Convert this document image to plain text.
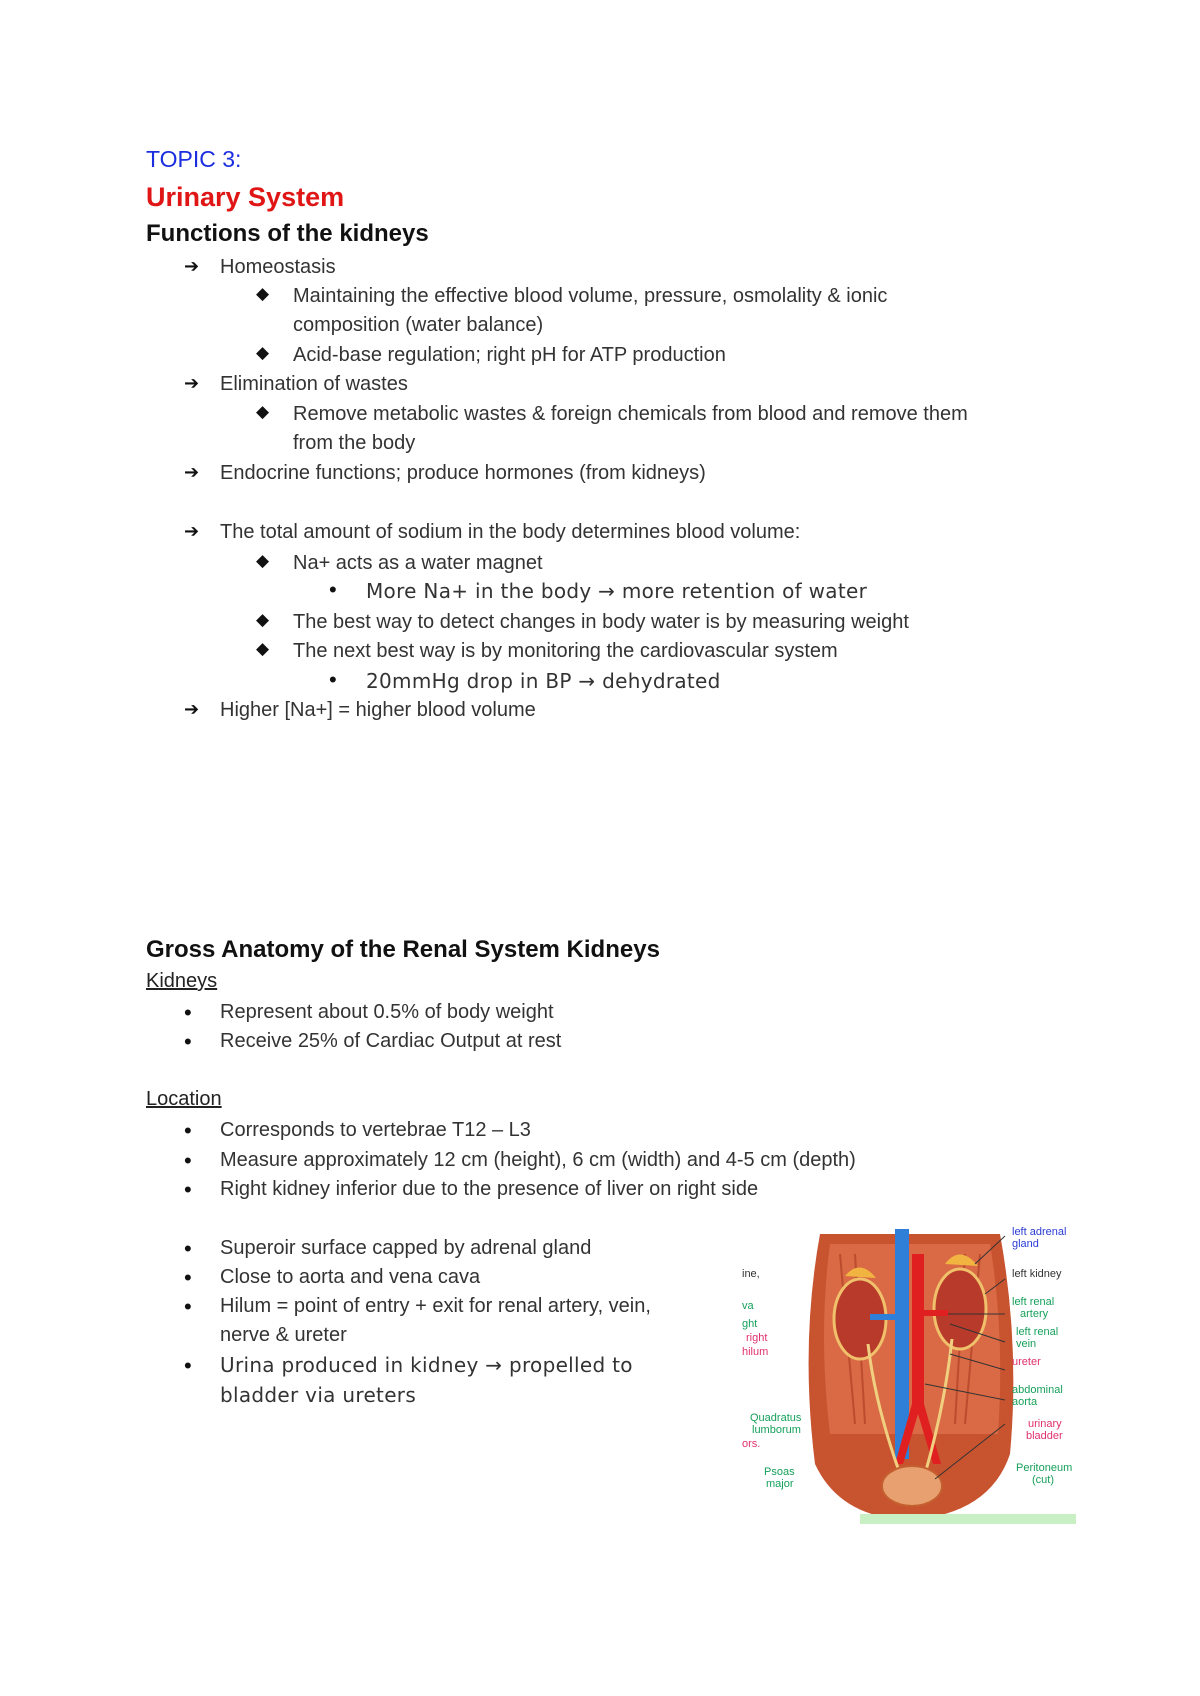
TOPIC 3:
Urinary System
Functions of the kidneys
➔ Homeostasis
◆ Maintaining the effective blood volume, pressure, osmolality & ionic
composition (water balance)
◆ Acid-base regulation; right pH for ATP production
➔ Elimination of wastes
◆ Remove metabolic wastes & foreign chemicals from blood and remove them
from the body
➔ Endocrine functions; produce hormones (from kidneys)
➔ The total amount of sodium in the body determines blood volume:
◆ Na+ acts as a water magnet
• More Na+ in the body → more retention of water
◆ The best way to detect changes in body water is by measuring weight
◆ The next best way is by monitoring the cardiovascular system
• 20mmHg drop in BP → dehydrated
➔ Higher [Na+] = higher blood volume
Gross Anatomy of the Renal System Kidneys
Kidneys
• Represent about 0.5% of body weight
• Receive 25% of Cardiac Output at rest
Location
• Corresponds to vertebrae T12 – L3
• Measure approximately 12 cm (height), 6 cm (width) and 4-5 cm (depth)
• Right kidney inferior due to the presence of liver on right side
• Superoir surface capped by adrenal gland
• Close to aorta and vena cava
• Hilum = point of entry + exit for renal artery, vein,
nerve & ureter
• Urina produced in kidney → propelled to
bladder via ureters
left adrenal
gland
left kidney
left renal
artery
left renal
vein
ureter
abdominal
aorta
urinary
bladder
Peritoneum
(cut)
ine,
va
ght
right
hilum
Quadratus
lumborum
ors.
Psoas
major
